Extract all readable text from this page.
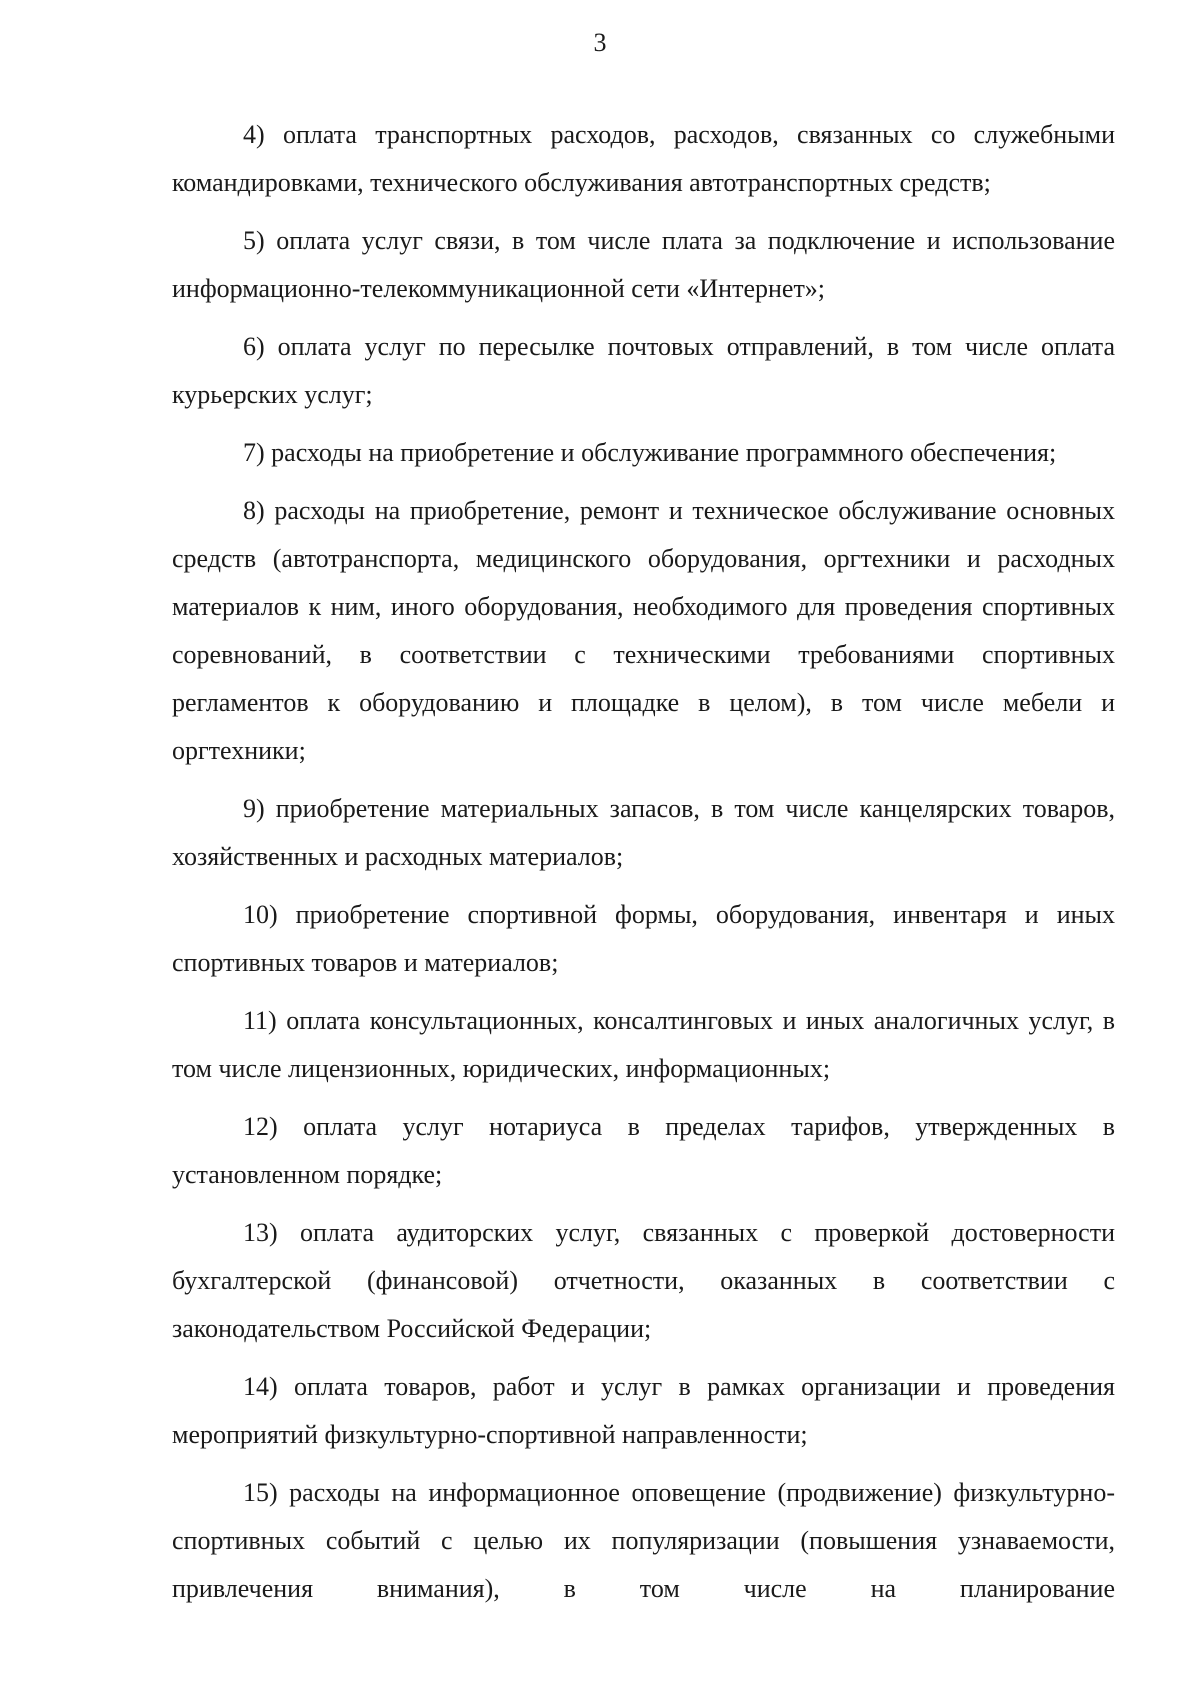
3

4) оплата транспортных расходов, расходов, связанных со служебными командировками, технического обслуживания автотранспортных средств;

5) оплата услуг связи, в том числе плата за подключение и использование информационно-телекоммуникационной сети «Интернет»;

6) оплата услуг по пересылке почтовых отправлений, в том числе оплата курьерских услуг;

7) расходы на приобретение и обслуживание программного обеспечения;

8) расходы на приобретение, ремонт и техническое обслуживание основных средств (автотранспорта, медицинского оборудования, оргтехники и расходных материалов к ним, иного оборудования, необходимого для проведения спортивных соревнований, в соответствии с техническими требованиями спортивных регламентов к оборудованию и площадке в целом), в том числе мебели и оргтехники;

9) приобретение материальных запасов, в том числе канцелярских товаров, хозяйственных и расходных материалов;

10) приобретение спортивной формы, оборудования, инвентаря и иных спортивных товаров и материалов;

11) оплата консультационных, консалтинговых и иных аналогичных услуг, в том числе лицензионных, юридических, информационных;

12) оплата услуг нотариуса в пределах тарифов, утвержденных в установленном порядке;

13) оплата аудиторских услуг, связанных с проверкой достоверности бухгалтерской (финансовой) отчетности, оказанных в соответствии с законодательством Российской Федерации;

14) оплата товаров, работ и услуг в рамках организации и проведения мероприятий физкультурно-спортивной направленности;

15) расходы на информационное оповещение (продвижение) физкультурно-спортивных событий с целью их популяризации (повышения узнаваемости, привлечения внимания), в том числе на планирование
